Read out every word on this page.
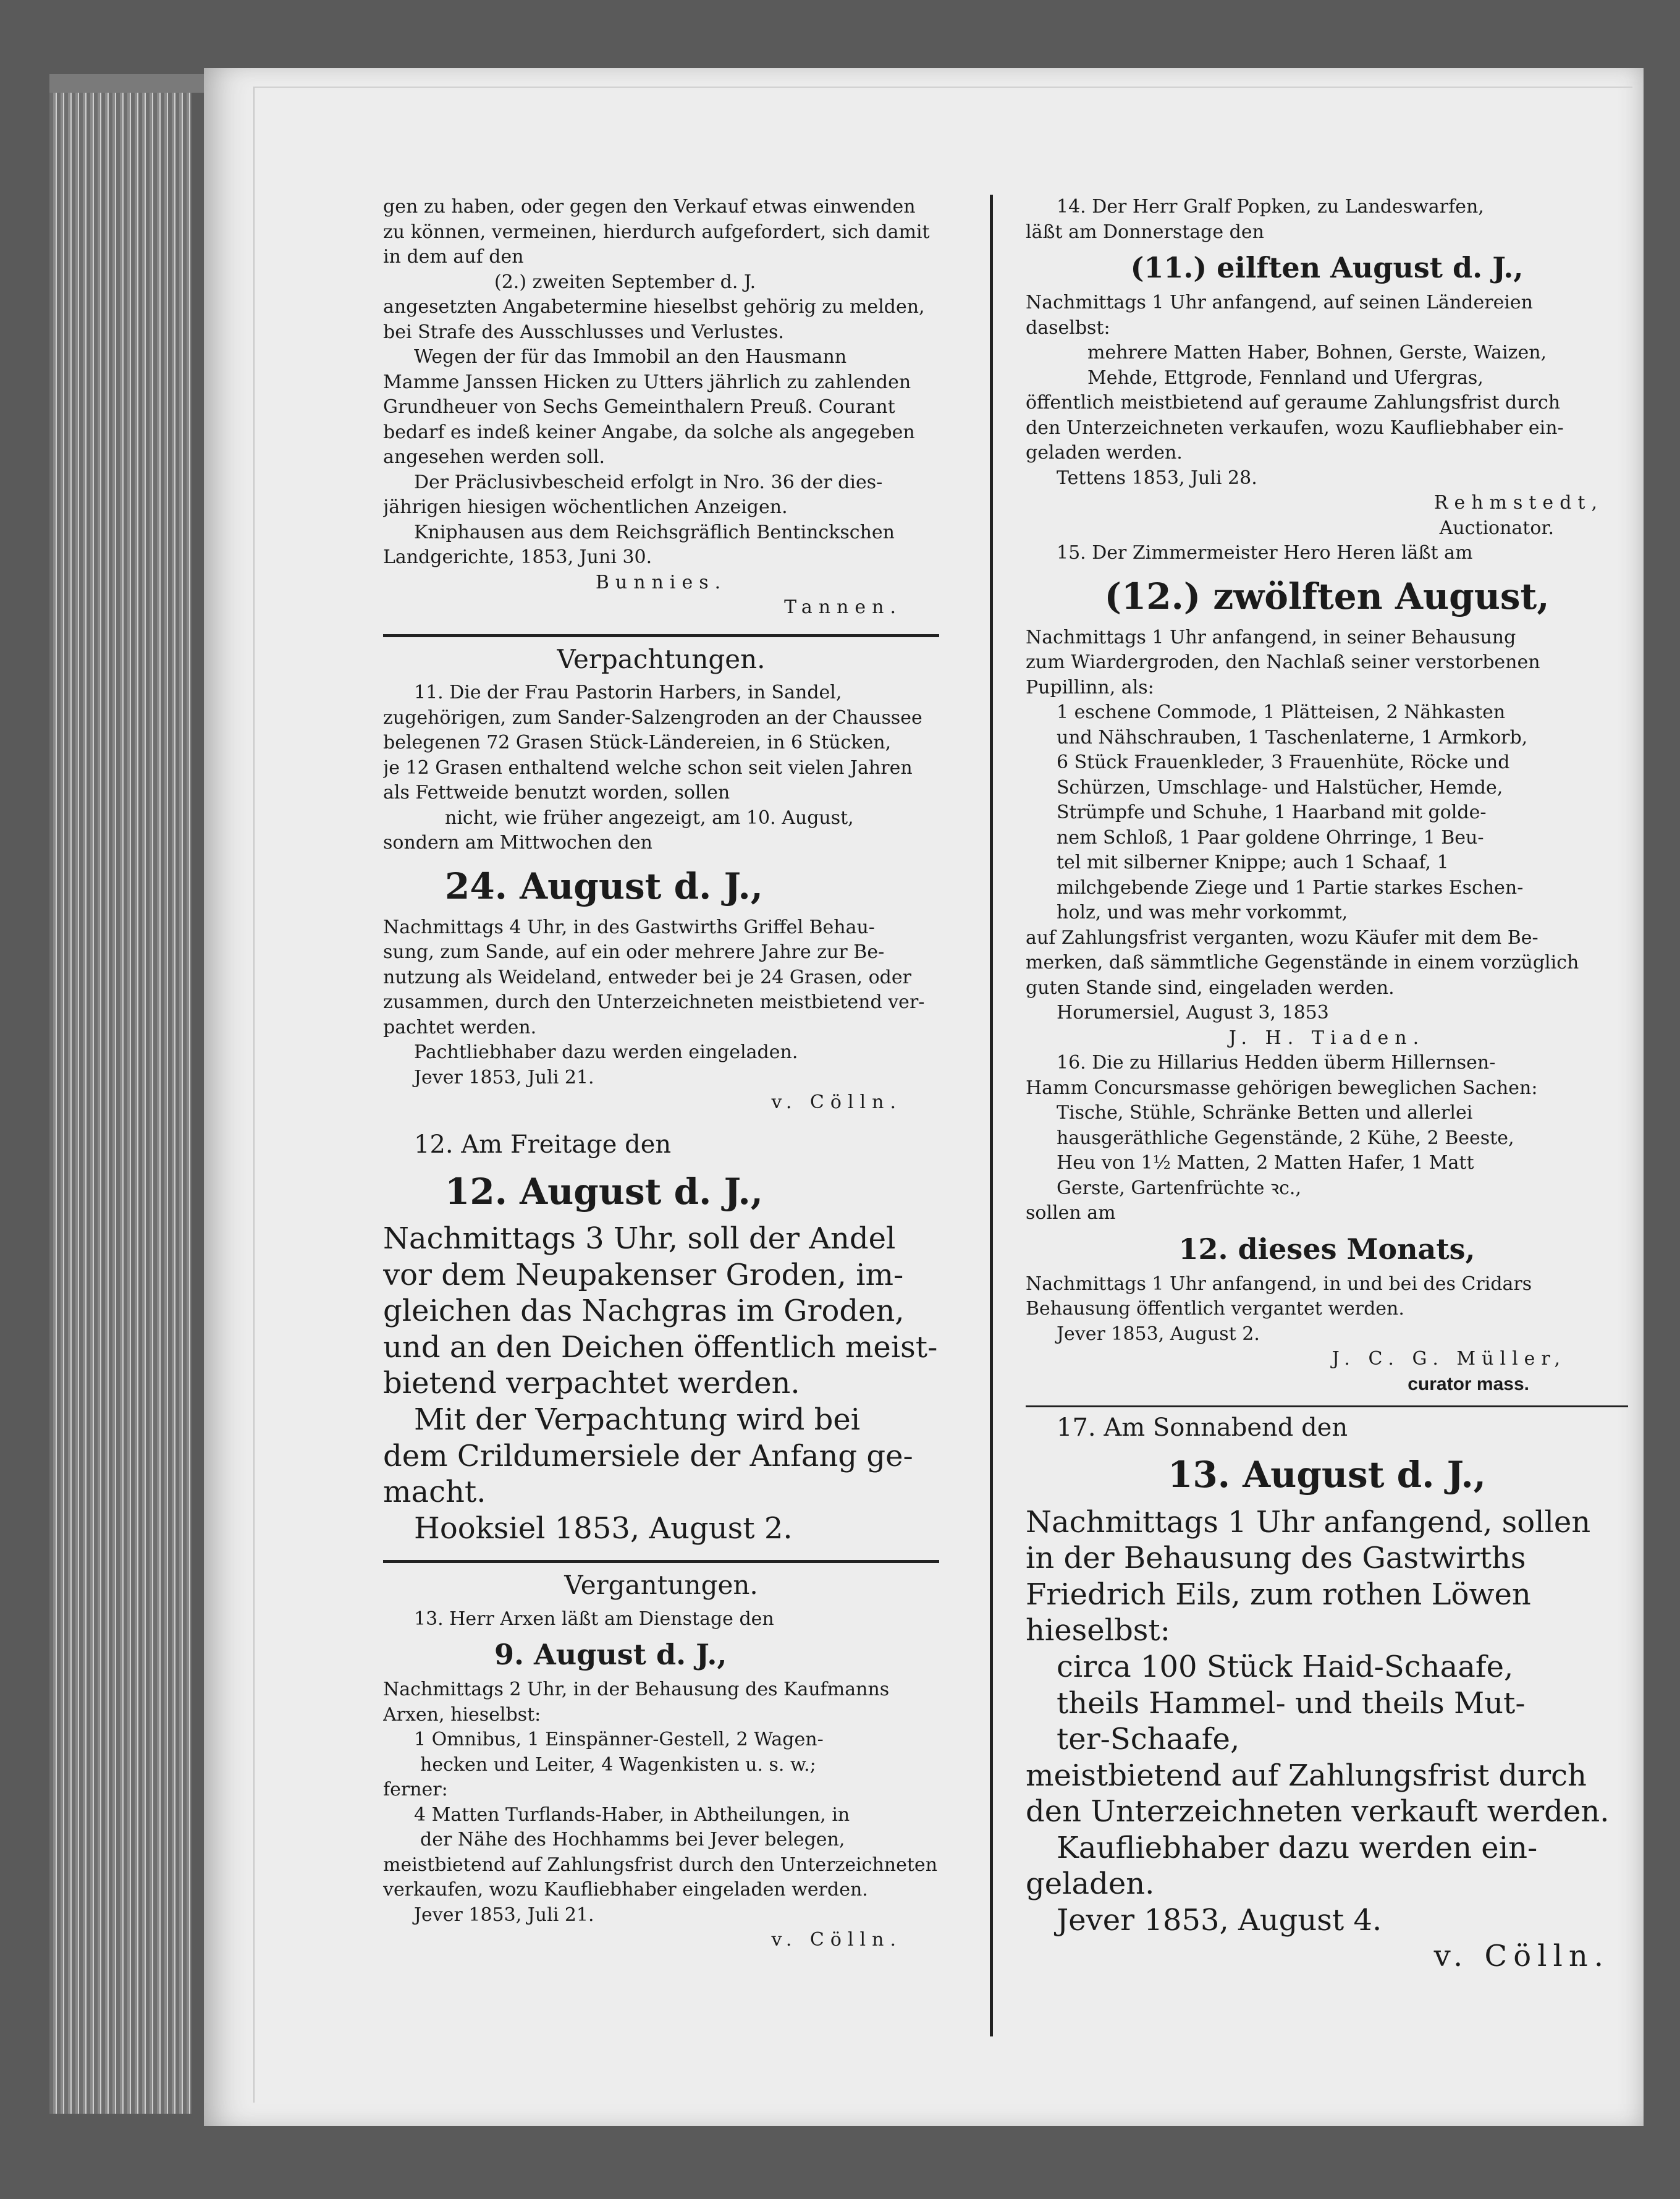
gen zu haben, oder gegen den Verkauf etwas einwenden

zu können, vermeinen, hierdurch aufgefordert, sich damit

in dem auf den

(2.) zweiten September d. J.

angesetzten Angabetermine hieselbst gehörig zu melden,

bei Strafe des Ausschlusses und Verlustes.

Wegen der für das Immobil an den Hausmann

Mamme Janssen Hicken zu Utters jährlich zu zahlenden

Grundheuer von Sechs Gemeinthalern Preuß. Courant

bedarf es indeß keiner Angabe, da solche als angegeben

angesehen werden soll.

Der Präclusivbescheid erfolgt in Nro. 36 der dies-

jährigen hiesigen wöchentlichen Anzeigen.

Kniphausen aus dem Reichsgräflich Bentinckschen

Landgerichte, 1853, Juni 30.

Bunnies.

Tannen.

Verpachtungen.

11. Die der Frau Pastorin Harbers, in Sandel,

zugehörigen, zum Sander-Salzengroden an der Chaussee

belegenen 72 Grasen Stück-Ländereien, in 6 Stücken,

je 12 Grasen enthaltend welche schon seit vielen Jahren

als Fettweide benutzt worden, sollen

nicht, wie früher angezeigt, am 10. August,

sondern am Mittwochen den

24. August d. J.,

Nachmittags 4 Uhr, in des Gastwirths Griffel Behau-

sung, zum Sande, auf ein oder mehrere Jahre zur Be-

nutzung als Weideland, entweder bei je 24 Grasen, oder

zusammen, durch den Unterzeichneten meistbietend ver-

pachtet werden.

Pachtliebhaber dazu werden eingeladen.

Jever 1853, Juli 21.

v. Cölln.

12. Am Freitage den

12. August d. J.,

Nachmittags 3 Uhr, soll der Andel

vor dem Neupakenser Groden, im-

gleichen das Nachgras im Groden,

und an den Deichen öffentlich meist-

bietend verpachtet werden.

Mit der Verpachtung wird bei

dem Crildumersiele der Anfang ge-

macht.

Hooksiel 1853, August 2.

Vergantungen.

13. Herr Arxen läßt am Dienstage den

9. August d. J.,

Nachmittags 2 Uhr, in der Behausung des Kaufmanns

Arxen, hieselbst:

1 Omnibus, 1 Einspänner-Gestell, 2 Wagen-

hecken und Leiter, 4 Wagenkisten u. s. w.;

ferner:

4 Matten Turflands-Haber, in Abtheilungen, in

der Nähe des Hochhamms bei Jever belegen,

meistbietend auf Zahlungsfrist durch den Unterzeichneten

verkaufen, wozu Kaufliebhaber eingeladen werden.

Jever 1853, Juli 21.

v. Cölln.

14. Der Herr Gralf Popken, zu Landeswarfen,

läßt am Donnerstage den

(11.) eilften August d. J.,

Nachmittags 1 Uhr anfangend, auf seinen Ländereien

daselbst:

mehrere Matten Haber, Bohnen, Gerste, Waizen,

Mehde, Ettgrode, Fennland und Ufergras,

öffentlich meistbietend auf geraume Zahlungsfrist durch

den Unterzeichneten verkaufen, wozu Kaufliebhaber ein-

geladen werden.

Tettens 1853, Juli 28.

Rehmstedt,

Auctionator.

15. Der Zimmermeister Hero Heren läßt am

(12.) zwölften August,

Nachmittags 1 Uhr anfangend, in seiner Behausung

zum Wiardergroden, den Nachlaß seiner verstorbenen

Pupillinn, als:

1 eschene Commode, 1 Plätteisen, 2 Nähkasten

und Nähschrauben, 1 Taschenlaterne, 1 Armkorb,

6 Stück Frauenkleder, 3 Frauenhüte, Röcke und

Schürzen, Umschlage- und Halstücher, Hemde,

Strümpfe und Schuhe, 1 Haarband mit golde-

nem Schloß, 1 Paar goldene Ohrringe, 1 Beu-

tel mit silberner Knippe; auch 1 Schaaf, 1

milchgebende Ziege und 1 Partie starkes Eschen-

holz, und was mehr vorkommt,

auf Zahlungsfrist verganten, wozu Käufer mit dem Be-

merken, daß sämmtliche Gegenstände in einem vorzüglich

guten Stande sind, eingeladen werden.

Horumersiel, August 3, 1853

J. H. Tiaden.

16. Die zu Hillarius Hedden überm Hillernsen-

Hamm Concursmasse gehörigen beweglichen Sachen:

Tische, Stühle, Schränke Betten und allerlei

hausgeräthliche Gegenstände, 2 Kühe, 2 Beeste,

Heu von 1½ Matten, 2 Matten Hafer, 1 Matt

Gerste, Gartenfrüchte ꝛc.,

sollen am

12. dieses Monats,

Nachmittags 1 Uhr anfangend, in und bei des Cridars

Behausung öffentlich vergantet werden.

Jever 1853, August 2.

J. C. G. Müller,

curator mass.

17. Am Sonnabend den

13. August d. J.,

Nachmittags 1 Uhr anfangend, sollen

in der Behausung des Gastwirths

Friedrich Eils, zum rothen Löwen

hieselbst:

circa 100 Stück Haid-Schaafe,

theils Hammel- und theils Mut-

ter-Schaafe,

meistbietend auf Zahlungsfrist durch

den Unterzeichneten verkauft werden.

Kaufliebhaber dazu werden ein-

geladen.

Jever 1853, August 4.

v. Cölln.
